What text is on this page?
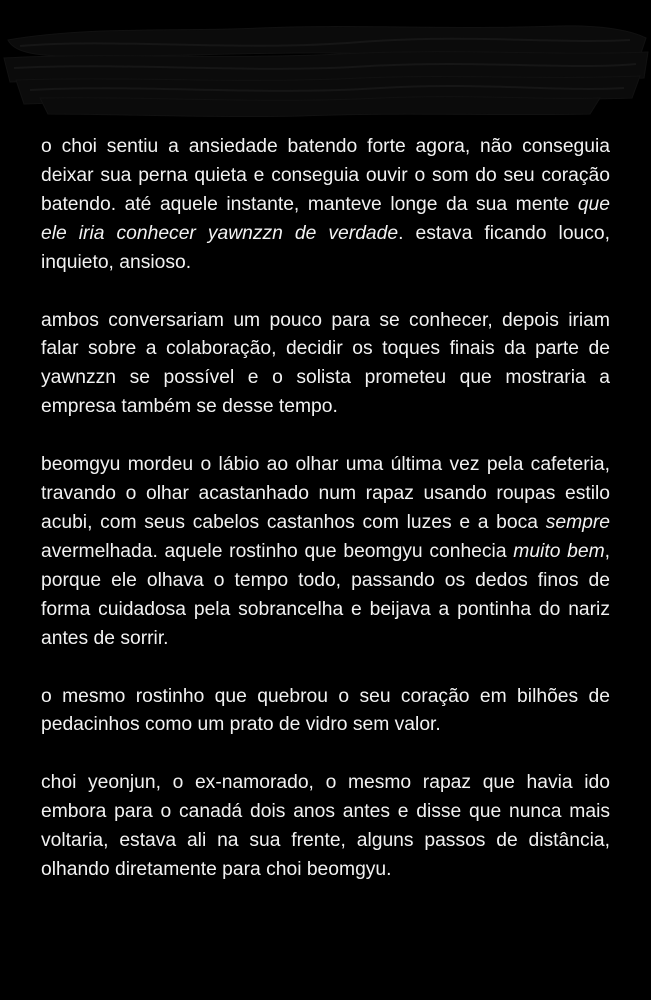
o choi sentiu a ansiedade batendo forte agora, não conseguia deixar sua perna quieta e conseguia ouvir o som do seu coração batendo. até aquele instante, manteve longe da sua mente que ele iria conhecer yawnzzn de verdade. estava ficando louco, inquieto, ansioso.

ambos conversariam um pouco para se conhecer, depois iriam falar sobre a colaboração, decidir os toques finais da parte de yawnzzn se possível e o solista prometeu que mostraria a empresa também se desse tempo.

beomgyu mordeu o lábio ao olhar uma última vez pela cafeteria, travando o olhar acastanhado num rapaz usando roupas estilo acubi, com seus cabelos castanhos com luzes e a boca sempre avermelhada. aquele rostinho que beomgyu conhecia muito bem, porque ele olhava o tempo todo, passando os dedos finos de forma cuidadosa pela sobrancelha e beijava a pontinha do nariz antes de sorrir.

o mesmo rostinho que quebrou o seu coração em bilhões de pedacinhos como um prato de vidro sem valor.

choi yeonjun, o ex-namorado, o mesmo rapaz que havia ido embora para o canadá dois anos antes e disse que nunca mais voltaria, estava ali na sua frente, alguns passos de distância, olhando diretamente para choi beomgyu.
